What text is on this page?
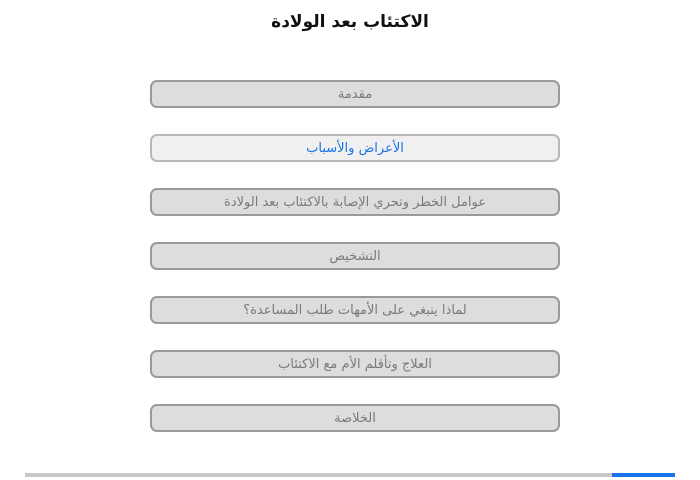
الاكتئاب بعد الولادة
مقدمة
الأعراض والأسباب
عوامل الخطر وتحري الإصابة بالاكتئاب بعد الولادة
التشخيص
لماذا ينبغي على الأمهات طلب المساعدة؟
العلاج وتأقلم الأم مع الاكتئاب
الخلاصة
